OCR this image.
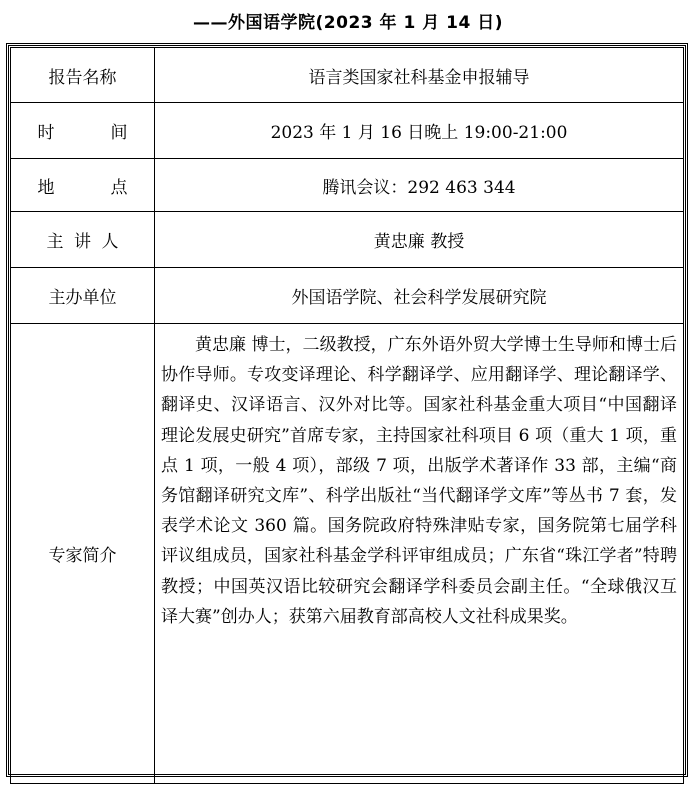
——外国语学院(2023 年 1 月 14 日)
报告名称	语言类国家社科基金申报辅导

时 间	2023 年 1 月 16 日晚上 19:00-21:00

地 点	腾讯会议：292 463 344

主 讲 人	黄忠廉 教授
主办单位	外国语学院、社会科学发展研究院
专家简介	黄忠廉 博士，二级教授，广东外语外贸大学博士生导师和博士后协作导师。专攻变译理论、科学翻译学、应用翻译学、理论翻译学、翻译史、汉译语言、汉外对比等。国家社科基金重大项目“中国翻译理论发展史研究”首席专家，主持国家社科项目 6 项（重大 1 项，重点 1 项，一般 4 项），部级 7 项，出版学术著译作 33 部，主编“商务馆翻译研究文库”、科学出版社“当代翻译学文库”等丛书 7 套，发表学术论文 360 篇。国务院政府特殊津贴专家，国务院第七届学科评议组成员，国家社科基金学科评审组成员；广东省“珠江学者”特聘教授；中国英汉语比较研究会翻译学科委员会副主任。“全球俄汉互译大赛”创办人；获第六届教育部高校人文社科成果奖。
